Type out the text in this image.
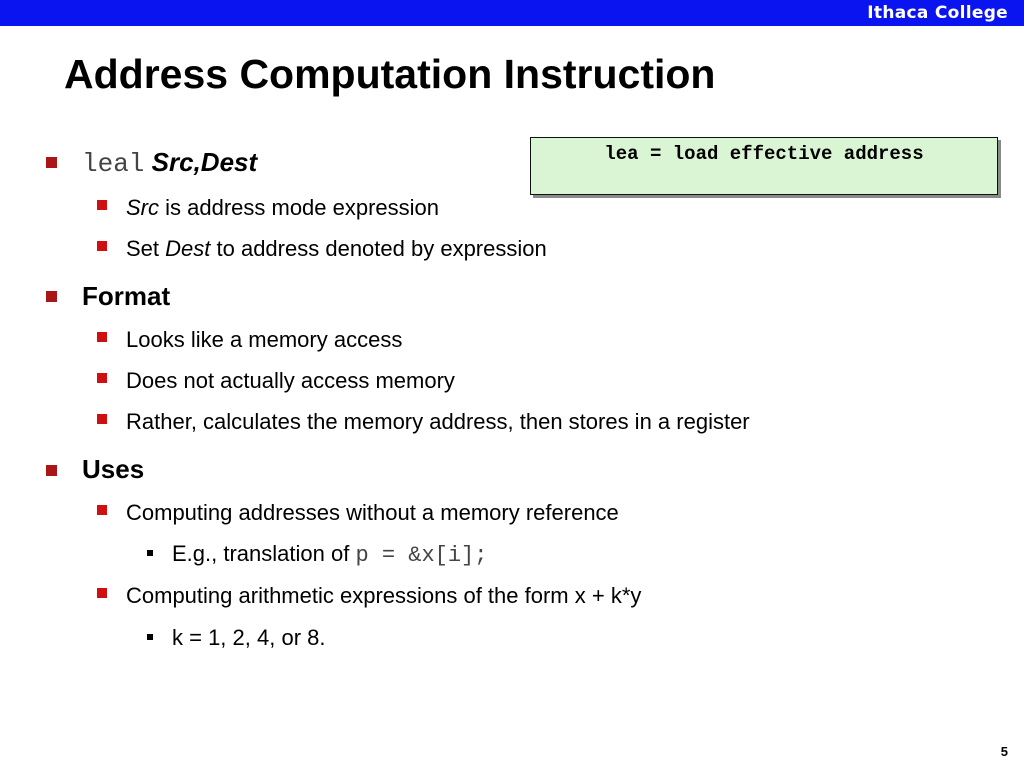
Ithaca College
Address Computation Instruction
lea = load effective address
leal Src,Dest
Src is address mode expression
Set Dest to address denoted by expression
Format
Looks like a memory access
Does not actually access memory
Rather, calculates the memory address, then stores in a register
Uses
Computing addresses without a memory reference
E.g., translation of p = &x[i];
Computing arithmetic expressions of the form x + k*y
k = 1, 2, 4, or 8.
5
